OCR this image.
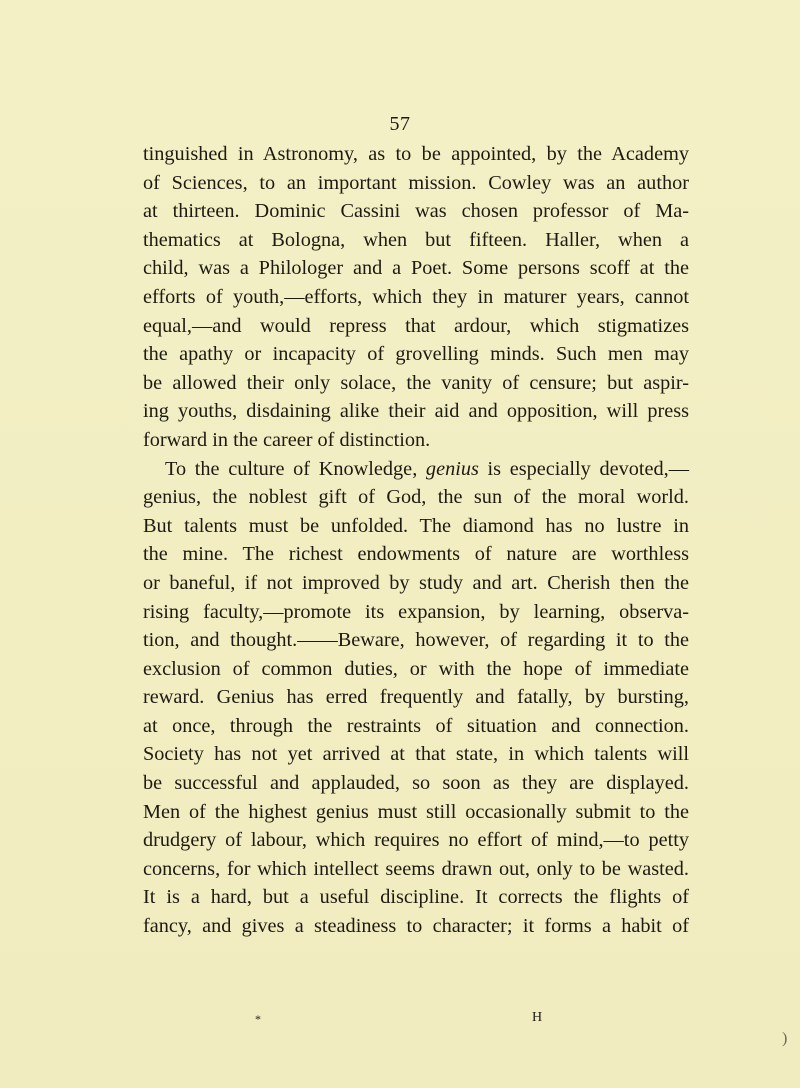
57
tinguished in Astronomy, as to be appointed, by the Academy
of Sciences, to an important mission. Cowley was an author
at thirteen. Dominic Cassini was chosen professor of Ma-
thematics at Bologna, when but fifteen. Haller, when a
child, was a Philologer and a Poet. Some persons scoff at the
efforts of youth,—efforts, which they in maturer years, cannot
equal,—and would repress that ardour, which stigmatizes
the apathy or incapacity of grovelling minds. Such men may
be allowed their only solace, the vanity of censure; but aspir-
ing youths, disdaining alike their aid and opposition, will press
forward in the career of distinction.
To the culture of Knowledge, genius is especially devoted,—
genius, the noblest gift of God, the sun of the moral world.
But talents must be unfolded. The diamond has no lustre in
the mine. The richest endowments of nature are worthless
or baneful, if not improved by study and art. Cherish then the
rising faculty,—promote its expansion, by learning, observa-
tion, and thought.——Beware, however, of regarding it to the
exclusion of common duties, or with the hope of immediate
reward. Genius has erred frequently and fatally, by bursting,
at once, through the restraints of situation and connection.
Society has not yet arrived at that state, in which talents will
be successful and applauded, so soon as they are displayed.
Men of the highest genius must still occasionally submit to the
drudgery of labour, which requires no effort of mind,—to petty
concerns, for which intellect seems drawn out, only to be wasted.
It is a hard, but a useful discipline. It corrects the flights of
fancy, and gives a steadiness to character; it forms a habit of
*	H
)
